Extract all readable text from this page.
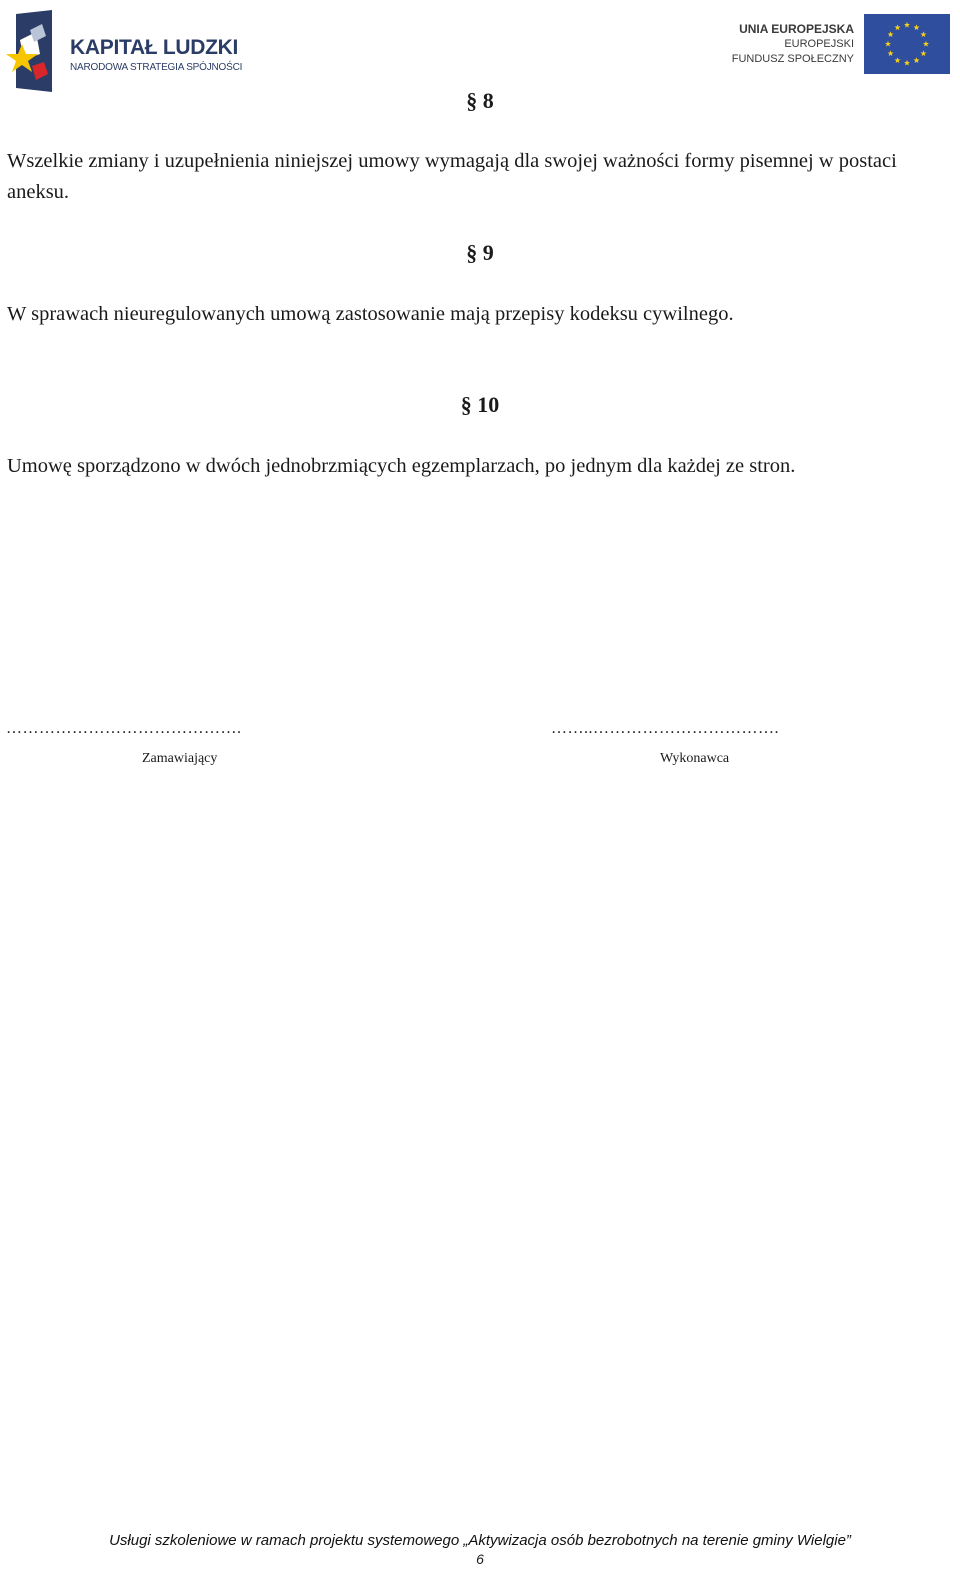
KAPITAŁ LUDZKI
NARODOWA STRATEGIA SPÓJNOŚCI
UNIA EUROPEJSKA
EUROPEJSKI
FUNDUSZ SPOŁECZNY
§ 8
Wszelkie zmiany i uzupełnienia niniejszej umowy wymagają dla swojej ważności formy pisemnej w postaci aneksu.
§ 9
W sprawach nieuregulowanych umową zastosowanie mają przepisy kodeksu cywilnego.
§ 10
Umowę sporządzono w dwóch jednobrzmiących egzemplarzach, po jednym dla każdej ze stron.
…………………………………….
Zamawiający
……..…………………………….
Wykonawca
Usługi szkoleniowe w ramach projektu systemowego „Aktywizacja osób bezrobotnych na terenie gminy Wielgie”
6
